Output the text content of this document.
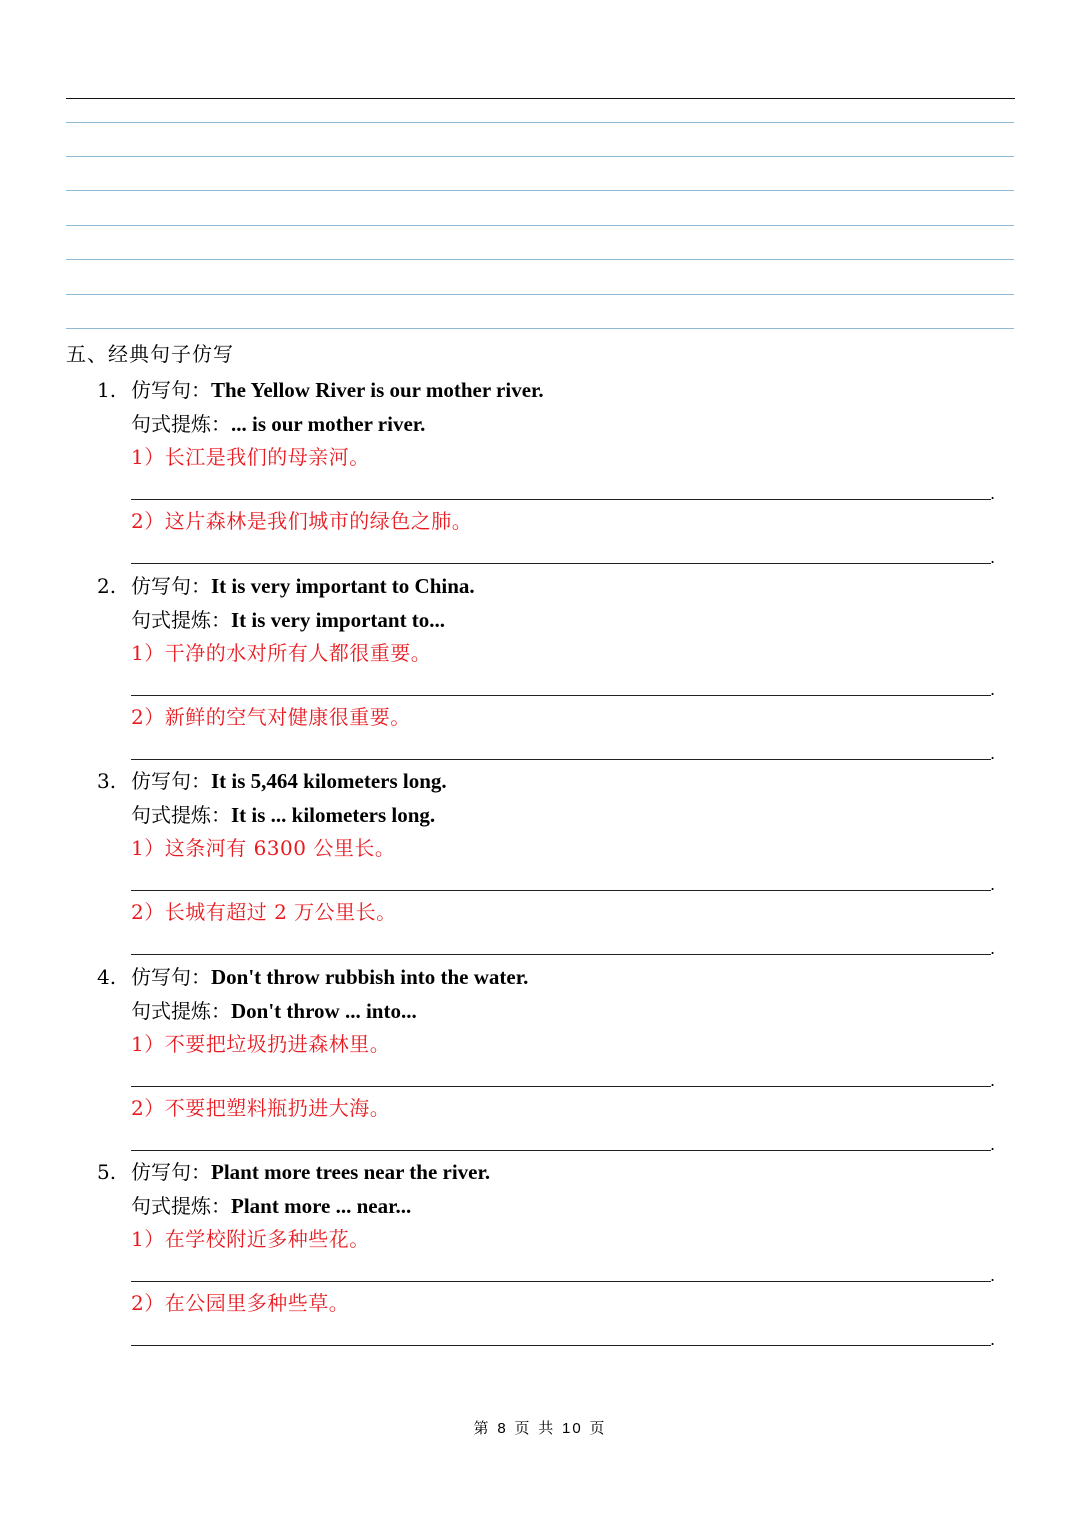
五、经典句子仿写
1. 仿写句：The Yellow River is our mother river.
句式提炼：... is our mother river.
1）长江是我们的母亲河。
.
2）这片森林是我们城市的绿色之肺。
.
2. 仿写句：It is very important to China.
句式提炼：It is very important to...
1）干净的水对所有人都很重要。
.
2）新鲜的空气对健康很重要。
.
3. 仿写句：It is 5,464 kilometers long.
句式提炼：It is ... kilometers long.
1）这条河有 6300 公里长。
.
2）长城有超过 2 万公里长。
.
4. 仿写句：Don't throw rubbish into the water.
句式提炼：Don't throw ... into...
1）不要把垃圾扔进森林里。
.
2）不要把塑料瓶扔进大海。
.
5. 仿写句：Plant more trees near the river.
句式提炼：Plant more ... near...
1）在学校附近多种些花。
.
2）在公园里多种些草。
.
第 8 页 共 10 页
